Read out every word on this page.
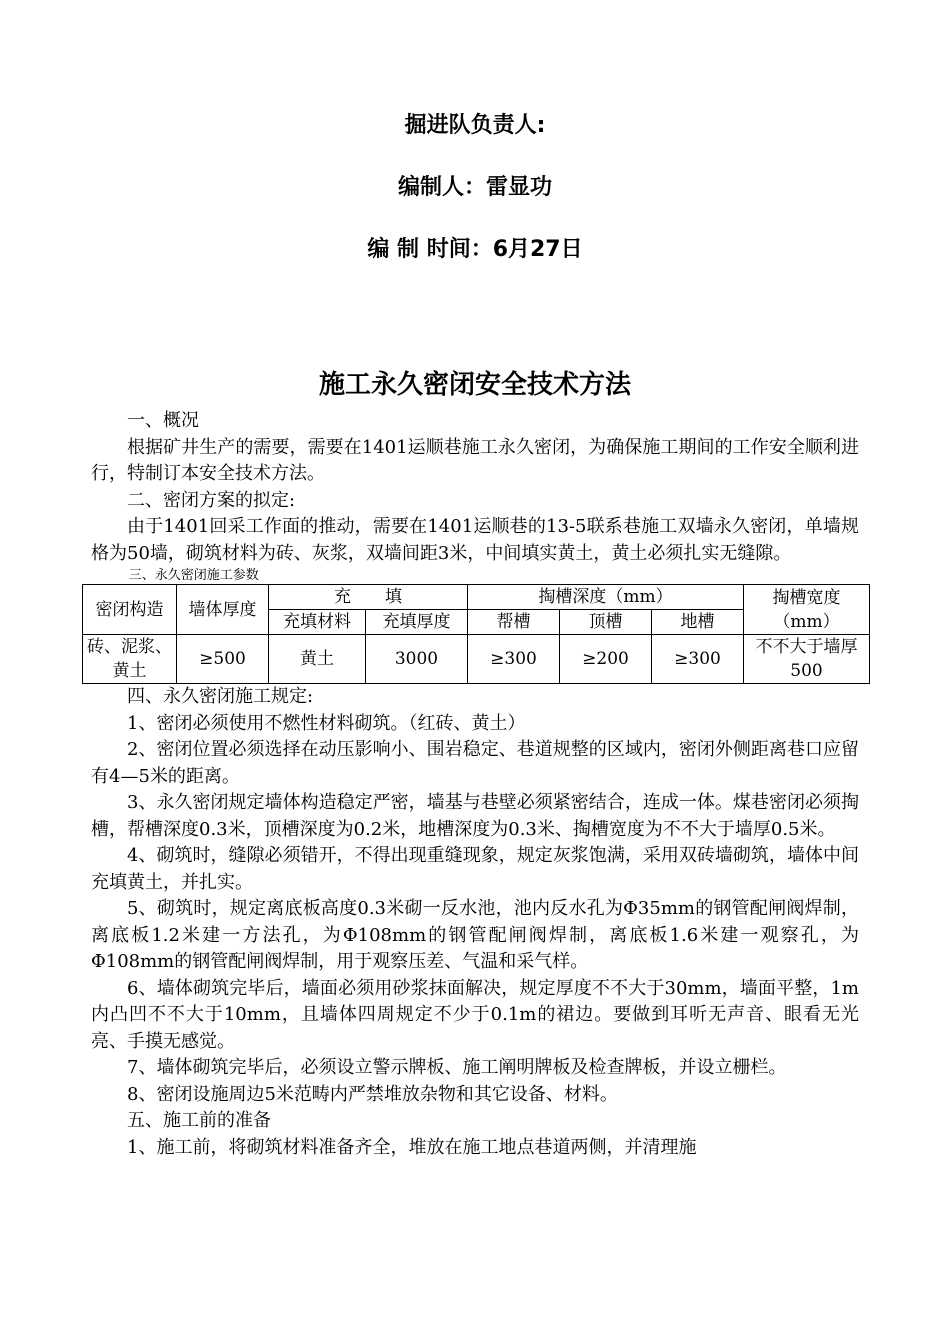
掘进队负责人:
编制人：雷显功
编 制 时间：6月27日
施工永久密闭安全技术方法

一、概况

根据矿井生产的需要，需要在1401运顺巷施工永久密闭，为确保施工期间的工作安全顺利进行，特制订本安全技术方法。

二、密闭方案的拟定:

由于1401回采工作面的推动，需要在1401运顺巷的13-5联系巷施工双墙永久密闭，单墙规格为50墙，砌筑材料为砖、灰浆，双墙间距3米，中间填实黄土，黄土必须扎实无缝隙。

三、永久密闭施工参数

密闭构造	墙体厚度	充　　填		掏槽深度（mm）			掏槽宽度（mm）
		充填材料	充填厚度	帮槽	顶槽	地槽	
砖、泥浆、黄土	≥500	黄土	3000	≥300	≥200	≥300	不不大于墙厚500

四、永久密闭施工规定:

1、密闭必须使用不燃性材料砌筑。（红砖、黄土）

2、密闭位置必须选择在动压影响小、围岩稳定、巷道规整的区域内，密闭外侧距离巷口应留有4—5米的距离。

3、永久密闭规定墙体构造稳定严密，墙基与巷壁必须紧密结合，连成一体。煤巷密闭必须掏槽，帮槽深度0.3米，顶槽深度为0.2米，地槽深度为0.3米、掏槽宽度为不不大于墙厚0.5米。

4、砌筑时，缝隙必须错开，不得出现重缝现象，规定灰浆饱满，采用双砖墙砌筑，墙体中间充填黄土，并扎实。

5、砌筑时，规定离底板高度0.3米砌一反水池，池内反水孔为Φ35mm的钢管配闸阀焊制，离底板1.2米建一方法孔，为Φ108mm的钢管配闸阀焊制，离底板1.6米建一观察孔，为Φ108mm的钢管配闸阀焊制，用于观察压差、气温和采气样。

6、墙体砌筑完毕后，墙面必须用砂浆抹面解决，规定厚度不不大于30mm，墙面平整，1m内凸凹不不大于10mm，且墙体四周规定不少于0.1m的裙边。要做到耳听无声音、眼看无光亮、手摸无感觉。

7、墙体砌筑完毕后，必须设立警示牌板、施工阐明牌板及检查牌板，并设立栅栏。

8、密闭设施周边5米范畴内严禁堆放杂物和其它设备、材料。

五、施工前的准备

1、施工前，将砌筑材料准备齐全，堆放在施工地点巷道两侧，并清理施
